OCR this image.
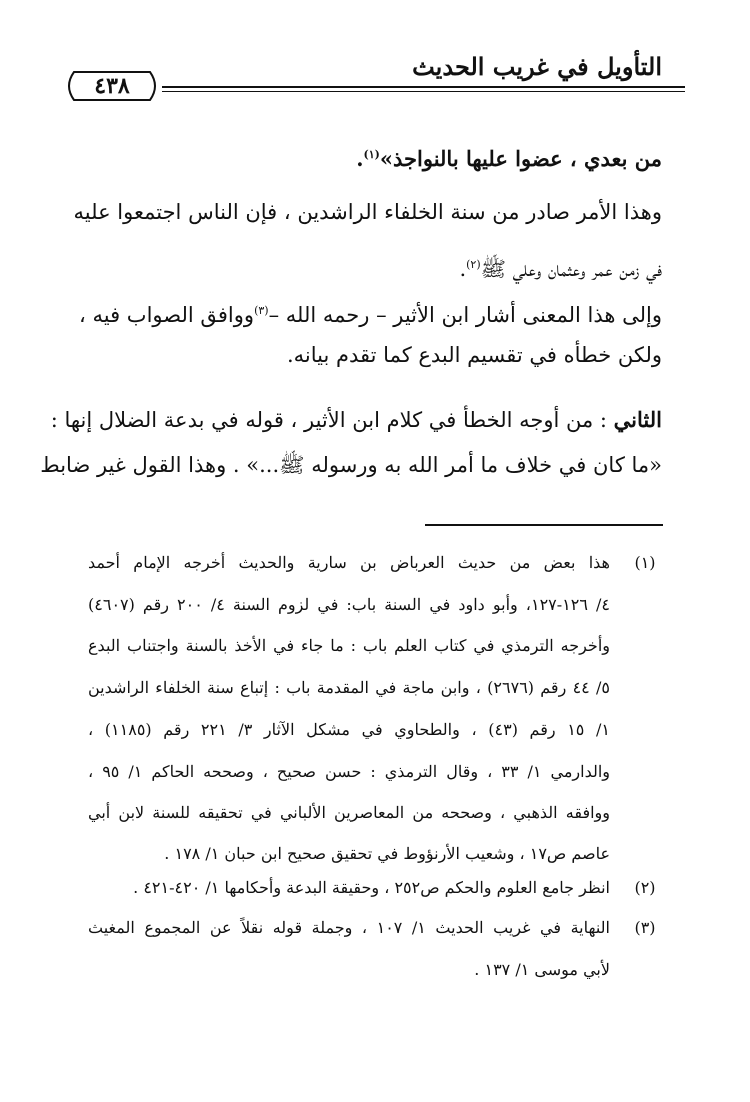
التأويل في غريب الحديث
٤٣٨
من بعدي ، عضوا عليها بالنواجذ»$^{(١)}$.
وهذا الأمر صادر من سنة الخلفاء الراشدين ، فإن الناس اجتمعوا عليه
في زمن عمر وعثمان وعلي ﷺ$^{(٢)}$.
وإلى هذا المعنى أشار ابن الأثير – رحمه الله –$^{(٣)}$ووافق الصواب فيه ،
ولكن خطأه في تقسيم البدع كما تقدم بيانه.
الثاني : من أوجه الخطأ في كلام ابن الأثير ، قوله في بدعة الضلال إنها :
«ما كان في خلاف ما أمر الله به ورسوله ﷺ...» . وهذا القول غير ضابط
(١)
هذا بعض من حديث العرباض بن سارية والحديث أخرجه الإمام أحمد
٤/ ١٢٦-١٢٧، وأبو داود في السنة باب: في لزوم السنة ٤/ ٢٠٠ رقم (٤٦٠٧)
وأخرجه الترمذي في كتاب العلم باب : ما جاء في الأخذ بالسنة واجتناب البدع
٥/ ٤٤ رقم (٢٦٧٦) ، وابن ماجة في المقدمة باب : إتباع سنة الخلفاء الراشدين
١/ ١٥ رقم (٤٣) ، والطحاوي في مشكل الآثار ٣/ ٢٢١ رقم (١١٨٥) ،
والدارمي ١/ ٣٣ ، وقال الترمذي : حسن صحيح ، وصححه الحاكم ١/ ٩٥ ،
ووافقه الذهبي ، وصححه من المعاصرين الألباني في تحقيقه للسنة لابن أبي
عاصم ص١٧ ، وشعيب الأرنؤوط في تحقيق صحيح ابن حبان ١/ ١٧٨ .
(٢)
انظر جامع العلوم والحكم ص٢٥٢ ، وحقيقة البدعة وأحكامها ١/ ٤٢٠-٤٢١ .
(٣)
النهاية في غريب الحديث ١/ ١٠٧ ، وجملة قوله نقلاً عن المجموع المغيث
لأبي موسى ١/ ١٣٧ .
